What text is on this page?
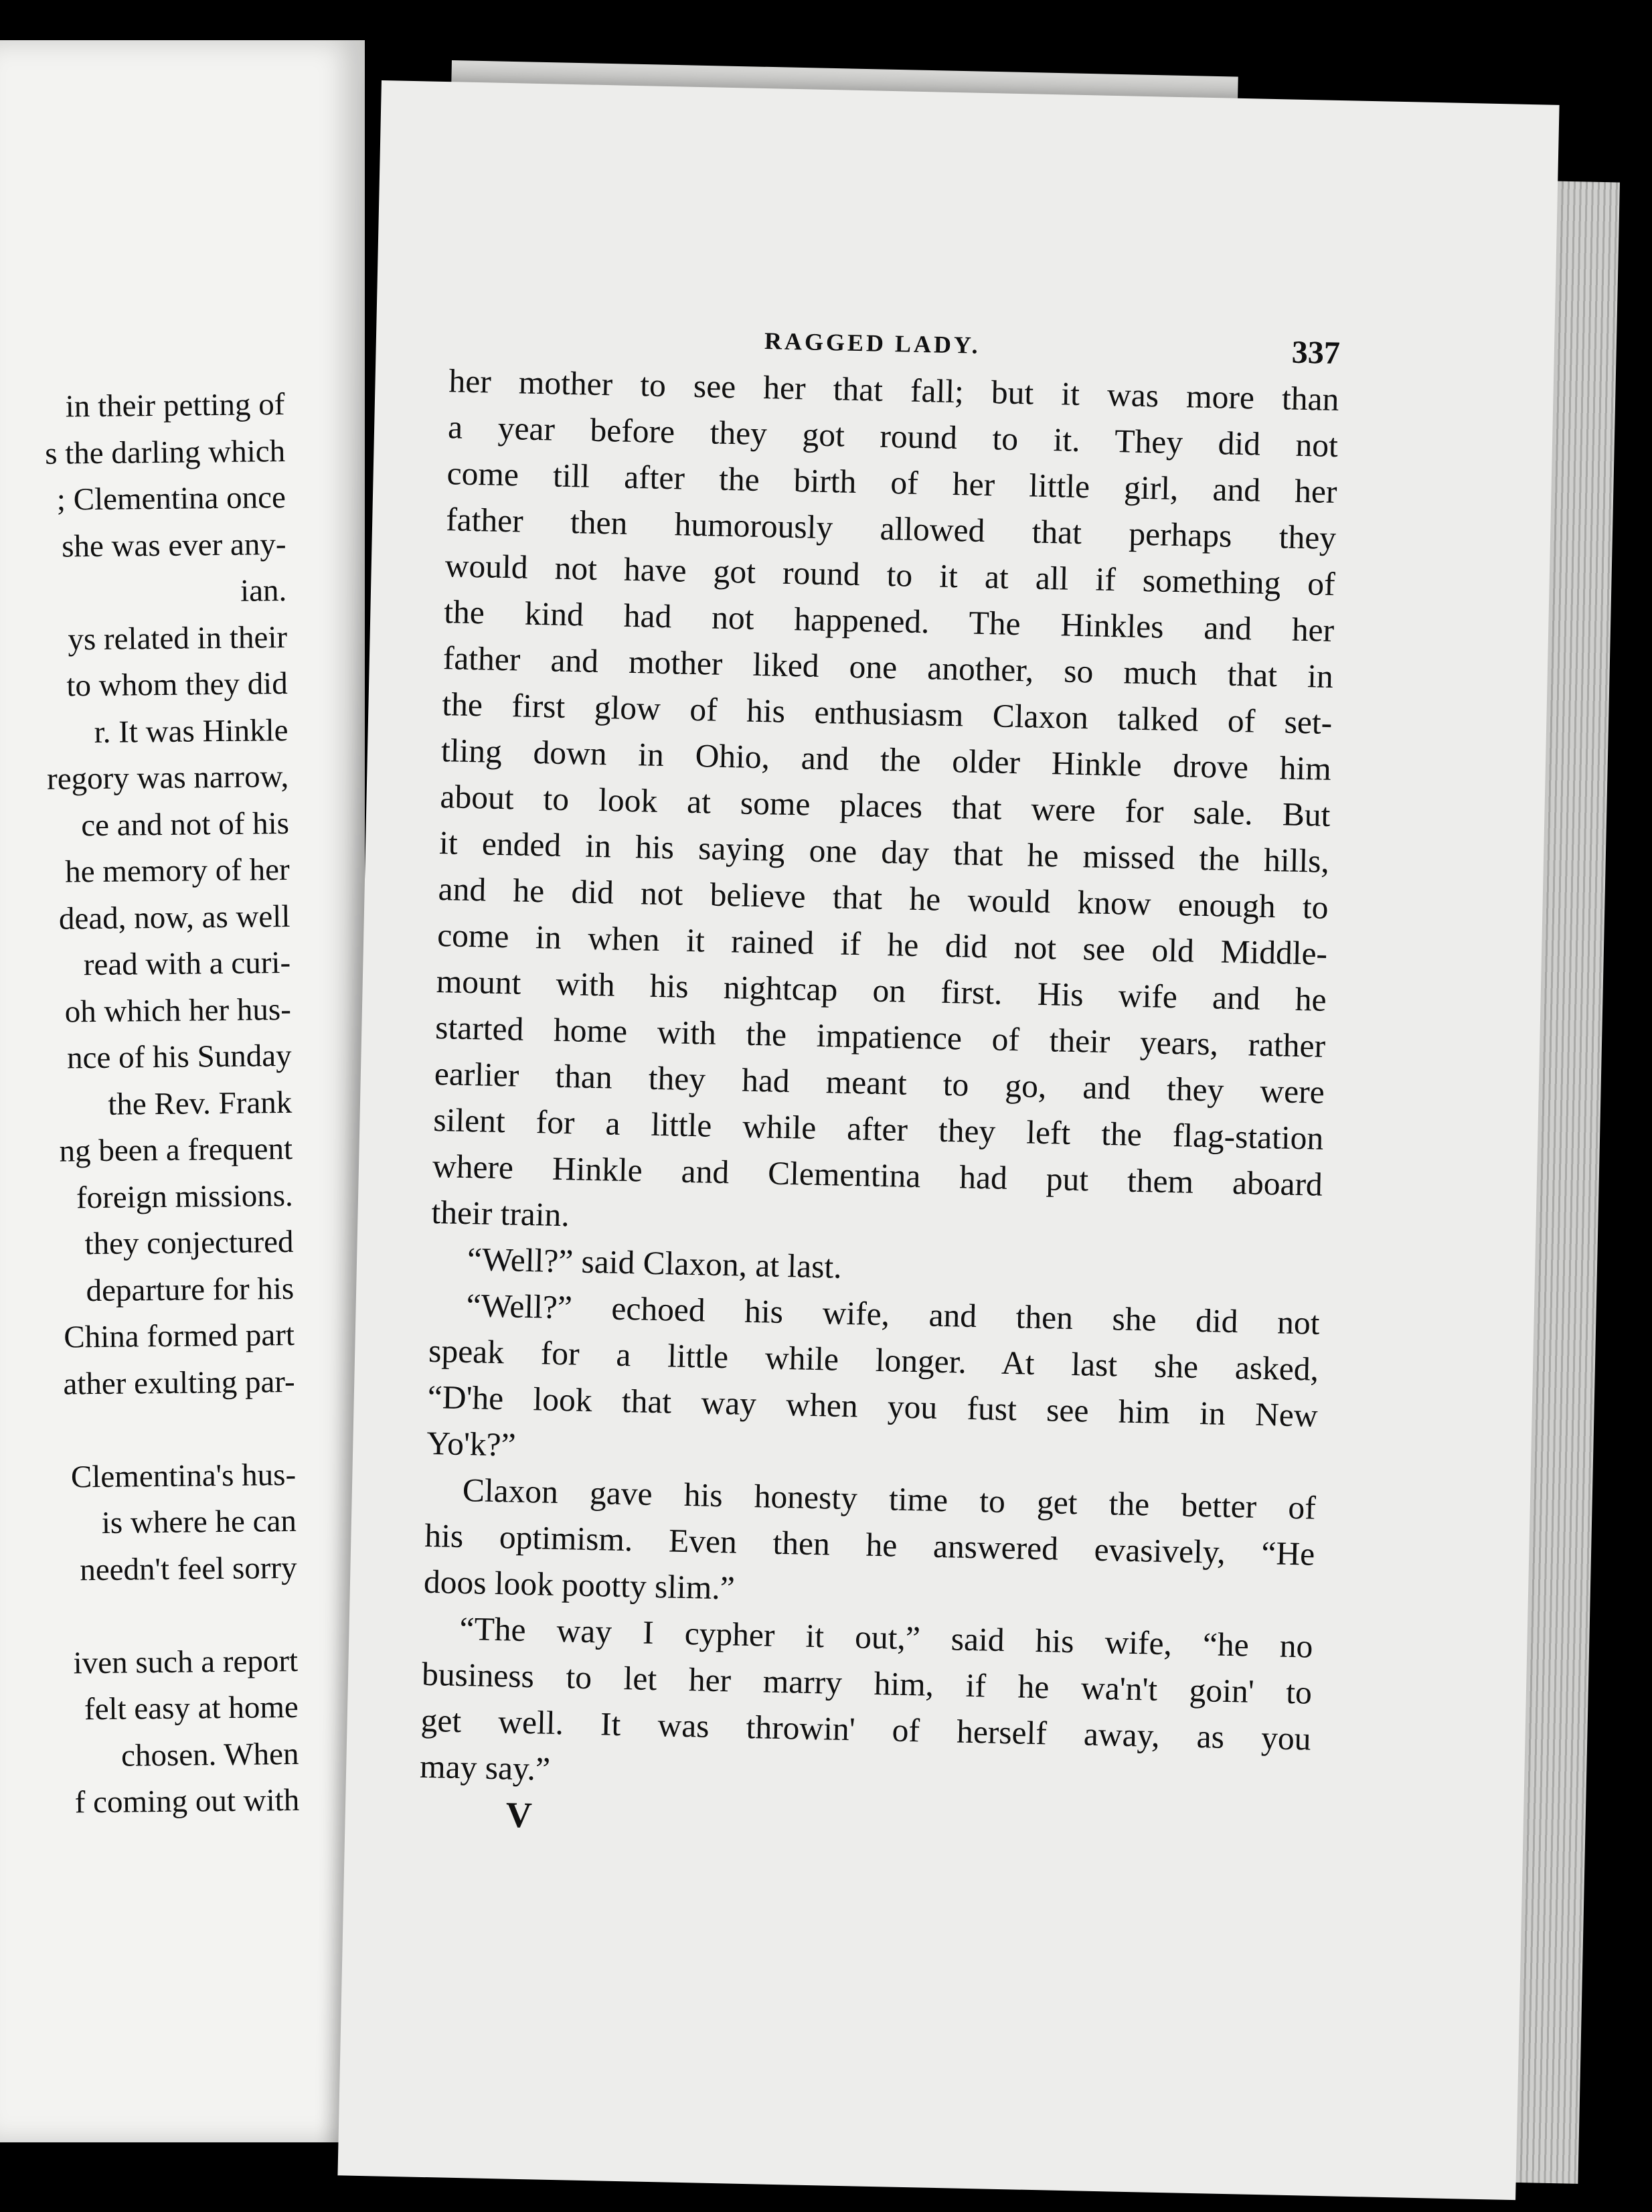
in their petting of
s the darling which
; Clementina once
she was ever any-
ian.
ys related in their
to whom they did
r. It was Hinkle
regory was narrow,
ce and not of his
he memory of her
dead, now, as well
read with a curi-
oh which her hus-
nce of his Sunday
the Rev. Frank
ng been a frequent
foreign missions.
they conjectured
departure for his
China formed part
ather exulting par-
Clementina's hus-
is where he can
needn't feel sorry
iven such a report
felt easy at home
chosen. When
f coming out with
RAGGED LADY.	337
her mother to see her that fall; but it was more than
a year before they got round to it. They did not
come till after the birth of her little girl, and her
father then humorously allowed that perhaps they
would not have got round to it at all if something of
the kind had not happened. The Hinkles and her
father and mother liked one another, so much that in
the first glow of his enthusiasm Claxon talked of set-
tling down in Ohio, and the older Hinkle drove him
about to look at some places that were for sale. But
it ended in his saying one day that he missed the hills,
and he did not believe that he would know enough to
come in when it rained if he did not see old Middle-
mount with his nightcap on first. His wife and he
started home with the impatience of their years, rather
earlier than they had meant to go, and they were
silent for a little while after they left the flag-station
where Hinkle and Clementina had put them aboard
their train.
“Well?” said Claxon, at last.
“Well?” echoed his wife, and then she did not
speak for a little while longer. At last she asked,
“D'he look that way when you fust see him in New
Yo'k?”
Claxon gave his honesty time to get the better of
his optimism. Even then he answered evasively, “He
doos look pootty slim.”
“The way I cypher it out,” said his wife, “he no
business to let her marry him, if he wa'n't goin' to
get well. It was throwin' of herself away, as you
may say.”
V
